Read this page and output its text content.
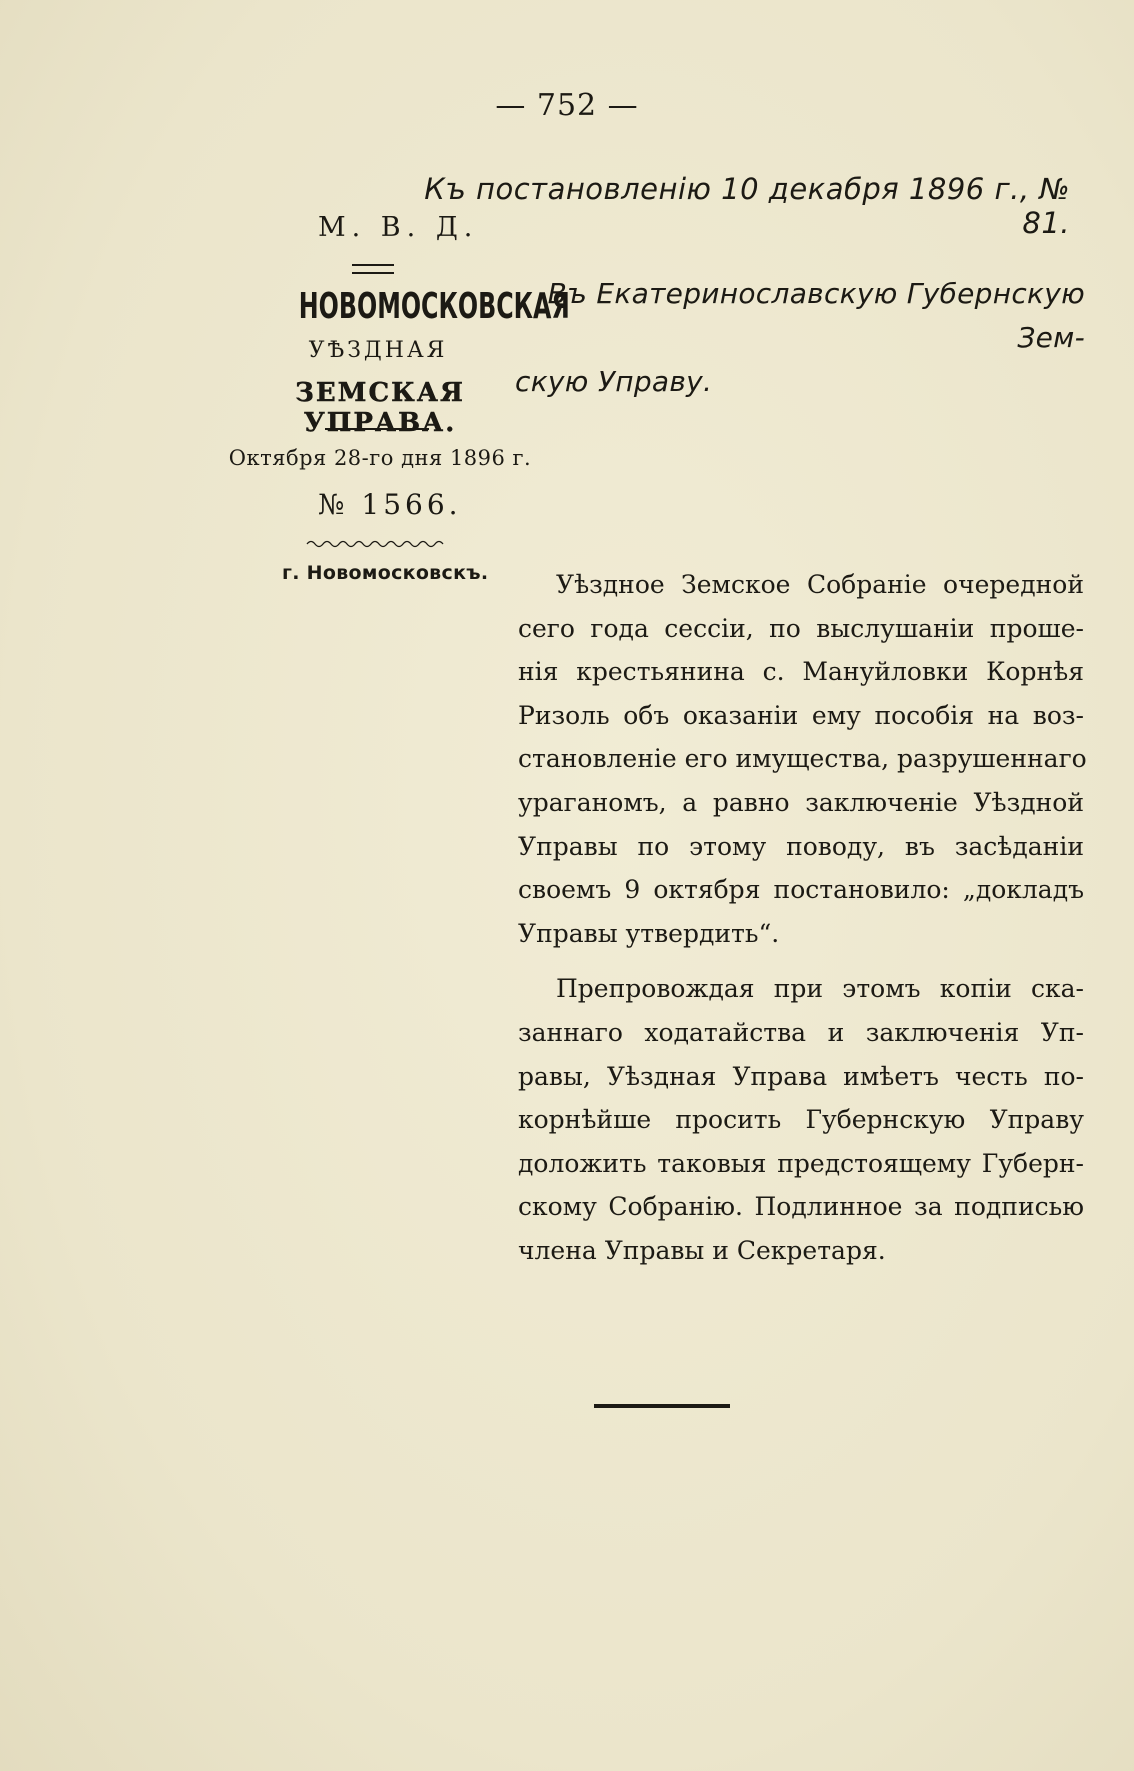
— 752 —
Къ постановленію 10 декабря 1896 г., № 81.
М. В. Д.
НОВОМОСКОВСКАЯ
УѢЗДНАЯ
ЗЕМСКАЯ УПРАВА.
Октября 28-го дня 1896 г.
№ 1566.
г. Новомосковскъ.
Въ Екатеринославскую Губернскую Зем-
скую Управу.
Уѣздное Земское Собраніе очередной
сего года сессіи, по выслушаніи проше-
нія крестьянина с. Мануйловки Корнѣя
Ризоль объ оказаніи ему пособія на воз-
становленіе его имущества, разрушеннаго
ураганомъ, а равно заключеніе Уѣздной
Управы по этому поводу, въ засѣданіи
своемъ 9 октября постановило: „докладъ
Управы утвердить“.
Препровождая при этомъ копіи ска-
заннаго ходатайства и заключенія Уп-
равы, Уѣздная Управа имѣетъ честь по-
корнѣйше просить Губернскую Управу
доложить таковыя предстоящему Губерн-
скому Собранію. Подлинное за подписью
члена Управы и Секретаря.
